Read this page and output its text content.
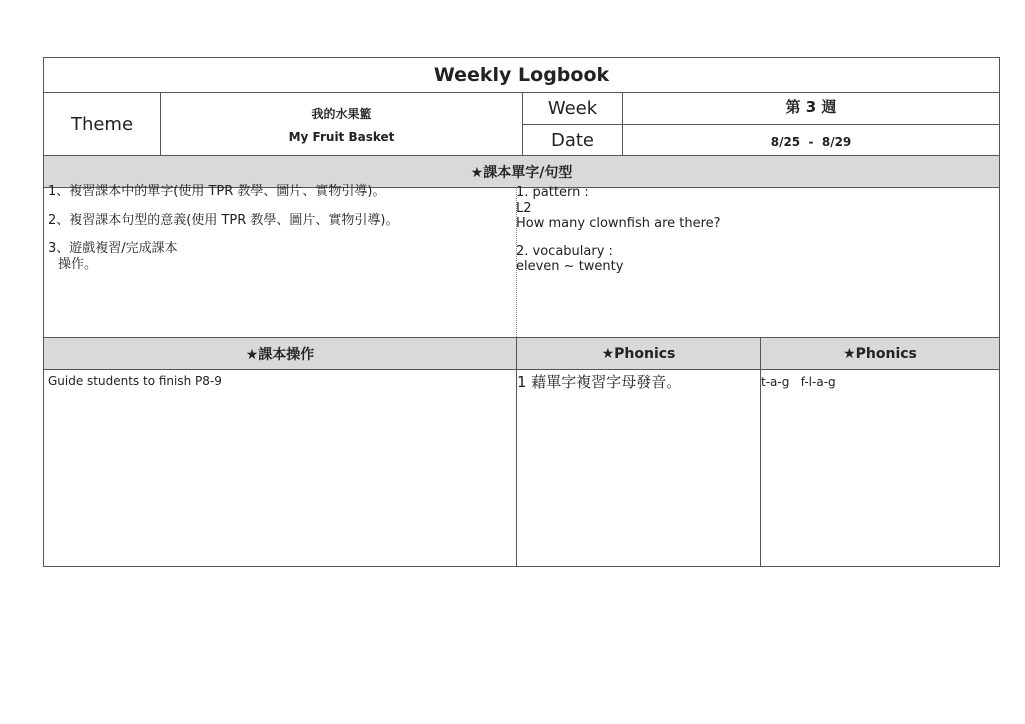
Weekly Logbook
Theme	我的水果籃
My Fruit Basket
Week	第 3 週
Date	8/25  -  8/29
★課本單字/句型
1、複習課本中的單字(使用 TPR 教學、圖片、實物引導)。
2、複習課本句型的意義(使用 TPR 教學、圖片、實物引導)。
3、遊戲複習/完成課本
操作。
1. pattern :
L2
How many clownfish are there?
2. vocabulary :
eleven ~ twenty
★課本操作	★Phonics	★Phonics
Guide students to finish P8-9	1 藉單字複習字母發音。	t-a-g   f-l-a-g
